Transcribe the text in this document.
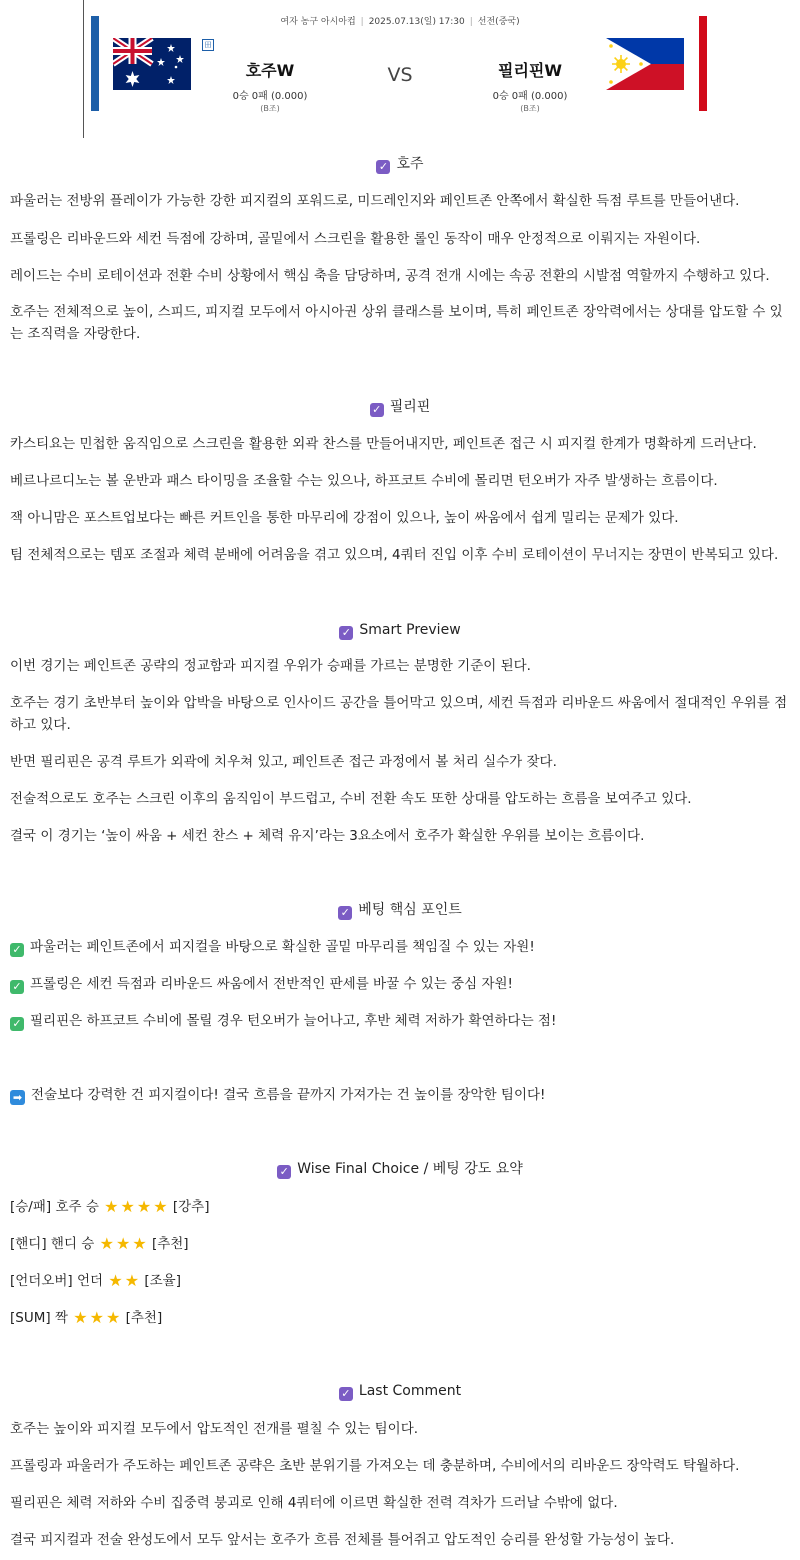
여자 농구 아시아컵 | 2025.07.13(일) 17:30 | 선전(중국)
田
호주W
0승 0패 (0.000)
(B조)
VS	필리핀W
0승 0패 (0.000)
(B조)
✓ 호주

파울러는 전방위 플레이가 가능한 강한 피지컬의 포워드로, 미드레인지와 페인트존 안쪽에서 확실한 득점 루트를 만들어낸다.

프롤링은 리바운드와 세컨 득점에 강하며, 골밑에서 스크린을 활용한 롤인 동작이 매우 안정적으로 이뤄지는 자원이다.

레이드는 수비 로테이션과 전환 수비 상황에서 핵심 축을 담당하며, 공격 전개 시에는 속공 전환의 시발점 역할까지 수행하고 있다.

호주는 전체적으로 높이, 스피드, 피지컬 모두에서 아시아권 상위 클래스를 보이며, 특히 페인트존 장악력에서는 상대를 압도할 수 있는 조직력을 자랑한다.

✓ 필리핀

카스티요는 민첩한 움직임으로 스크린을 활용한 외곽 찬스를 만들어내지만, 페인트존 접근 시 피지컬 한계가 명확하게 드러난다.

베르나르디노는 볼 운반과 패스 타이밍을 조율할 수는 있으나, 하프코트 수비에 몰리면 턴오버가 자주 발생하는 흐름이다.

잭 아니맘은 포스트업보다는 빠른 커트인을 통한 마무리에 강점이 있으나, 높이 싸움에서 쉽게 밀리는 문제가 있다.

팀 전체적으로는 템포 조절과 체력 분배에 어려움을 겪고 있으며, 4쿼터 진입 이후 수비 로테이션이 무너지는 장면이 반복되고 있다.

✓ Smart Preview

이번 경기는 페인트존 공략의 정교함과 피지컬 우위가 승패를 가르는 분명한 기준이 된다.

호주는 경기 초반부터 높이와 압박을 바탕으로 인사이드 공간을 틀어막고 있으며, 세컨 득점과 리바운드 싸움에서 절대적인 우위를 점하고 있다.

반면 필리핀은 공격 루트가 외곽에 치우쳐 있고, 페인트존 접근 과정에서 볼 처리 실수가 잦다.

전술적으로도 호주는 스크린 이후의 움직임이 부드럽고, 수비 전환 속도 또한 상대를 압도하는 흐름을 보여주고 있다.

결국 이 경기는 ‘높이 싸움 + 세컨 찬스 + 체력 유지’라는 3요소에서 호주가 확실한 우위를 보이는 흐름이다.

✓ 베팅 핵심 포인트

✓ 파울러는 페인트존에서 피지컬을 바탕으로 확실한 골밑 마무리를 책임질 수 있는 자원!

✓ 프롤링은 세컨 득점과 리바운드 싸움에서 전반적인 판세를 바꿀 수 있는 중심 자원!

✓ 필리핀은 하프코트 수비에 몰릴 경우 턴오버가 늘어나고, 후반 체력 저하가 확연하다는 점!

➡ 전술보다 강력한 건 피지컬이다! 결국 흐름을 끝까지 가져가는 건 높이를 장악한 팀이다!

✓ Wise Final Choice / 베팅 강도 요약

[승/패] 호주 승 ★ ★ ★ ★ [강추]

[핸디] 핸디 승 ★ ★ ★ [추천]

[언더오버] 언더 ★ ★ [조율]

[SUM] 짝 ★ ★ ★ [추천]

✓ Last Comment

호주는 높이와 피지컬 모두에서 압도적인 전개를 펼칠 수 있는 팀이다.

프롤링과 파울러가 주도하는 페인트존 공략은 초반 분위기를 가져오는 데 충분하며, 수비에서의 리바운드 장악력도 탁월하다.

필리핀은 체력 저하와 수비 집중력 붕괴로 인해 4쿼터에 이르면 확실한 전력 격차가 드러날 수밖에 없다.

결국 피지컬과 전술 완성도에서 모두 앞서는 호주가 흐름 전체를 틀어쥐고 압도적인 승리를 완성할 가능성이 높다.
